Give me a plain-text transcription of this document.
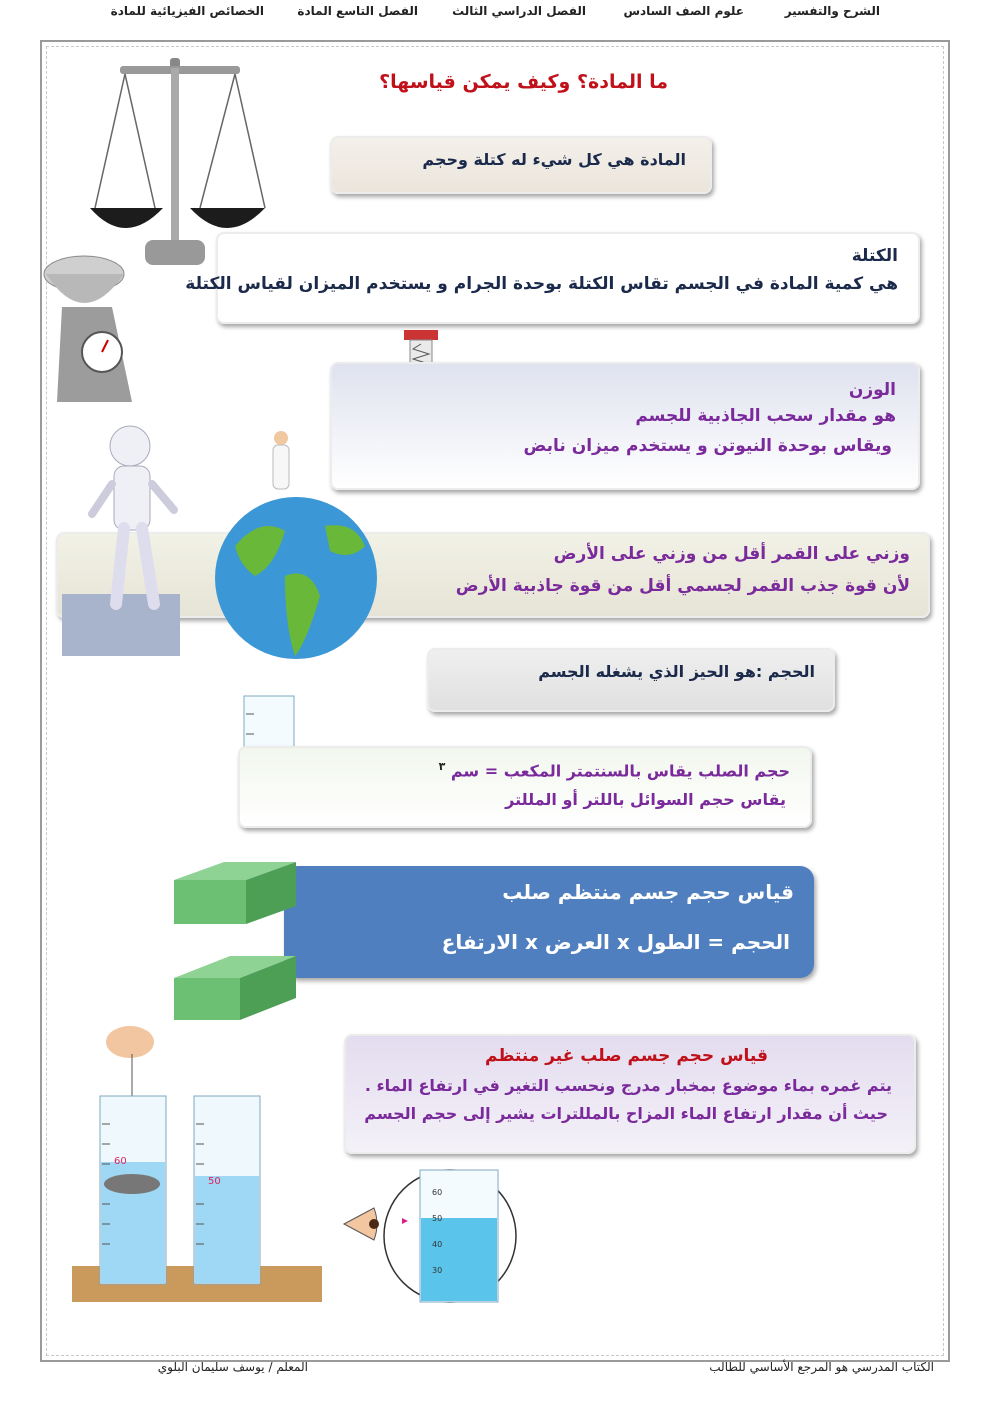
الشرح والتفسير
علوم الصف السادس
الفصل الدراسي الثالث
الفصل التاسع المادة
الخصائص الفيزيائية للمادة
ما المادة؟ وكيف يمكن قياسها؟
المادة هي كل شيء له كتلة وحجم
الكتلة
هي كمية المادة في الجسم تقاس الكتلة بوحدة الجرام و يستخدم الميزان لقياس الكتلة
الوزن
هو مقدار سحب الجاذبية للجسم
ويقاس بوحدة النيوتن و يستخدم ميزان نابض
وزني على القمر أقل من وزني على الأرض
لأن قوة جذب القمر لجسمي أقل من قوة جاذبية الأرض
الحجم :هو الحيز الذي يشغله الجسم
حجم الصلب يقاس بالسنتمتر المكعب = سم $^٣$
يقاس حجم السوائل باللتر أو المللتر
قياس حجم جسم منتظم صلب
الحجم = الطول x العرض x الارتفاع
قياس حجم جسم صلب غير منتظم
يتم غمره بماء موضوع بمخبار مدرج ونحسب التغير في ارتفاع الماء .
حيث أن مقدار ارتفاع الماء المزاح بالمللترات يشير إلى حجم الجسم
60
50
60
50
40
30
الكتاب المدرسي هو المرجع الأساسي للطالب
المعلم / يوسف سليمان البلوي
